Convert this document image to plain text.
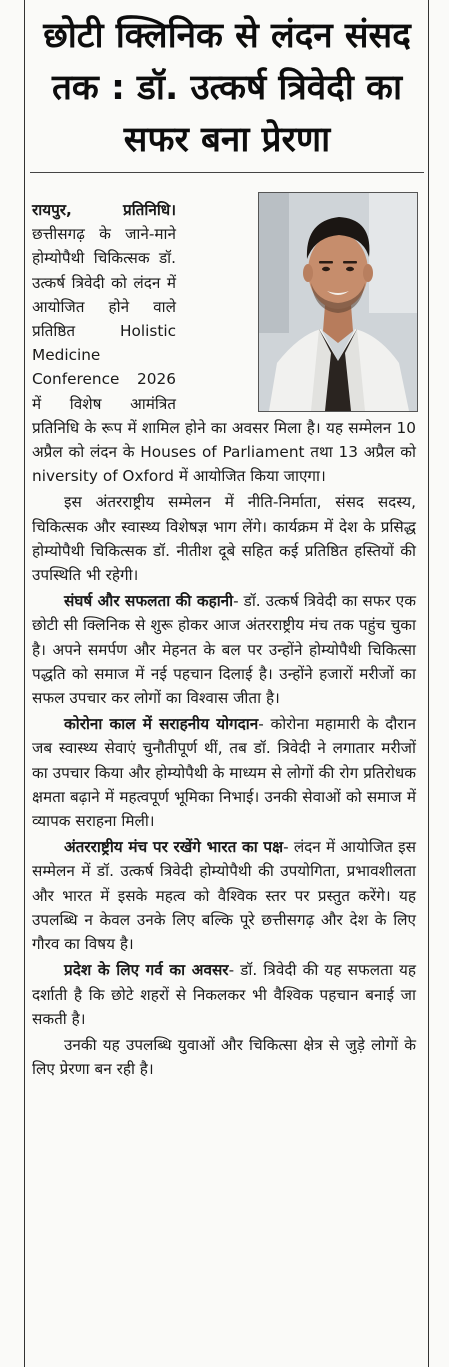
छोटी क्लिनिक से लंदन संसद तक : डॉ. उत्कर्ष त्रिवेदी का सफर बना प्रेरणा

रायपुर, प्रतिनिधि। छत्तीसगढ़ के जाने-माने होम्योपैथी चिकित्सक डॉ. उत्कर्ष त्रिवेदी को लंदन में आयोजित होने वाले प्रतिष्ठित Holistic Medicine Conference 2026 में विशेष आमंत्रित प्रतिनिधि के रूप में शामिल होने का अवसर मिला है। यह सम्मेलन 10 अप्रैल को लंदन के Houses of Parliament तथा 13 अप्रैल को niversity of Oxford में आयोजित किया जाएगा।

इस अंतरराष्ट्रीय सम्मेलन में नीति-निर्माता, संसद सदस्य, चिकित्सक और स्वास्थ्य विशेषज्ञ भाग लेंगे। कार्यक्रम में देश के प्रसिद्ध होम्योपैथी चिकित्सक डॉ. नीतीश दूबे सहित कई प्रतिष्ठित हस्तियों की उपस्थिति भी रहेगी।

संघर्ष और सफलता की कहानी- डॉ. उत्कर्ष त्रिवेदी का सफर एक छोटी सी क्लिनिक से शुरू होकर आज अंतरराष्ट्रीय मंच तक पहुंच चुका है। अपने समर्पण और मेहनत के बल पर उन्होंने होम्योपैथी चिकित्सा पद्धति को समाज में नई पहचान दिलाई है। उन्होंने हजारों मरीजों का सफल उपचार कर लोगों का विश्वास जीता है।

कोरोना काल में सराहनीय योगदान- कोरोना महामारी के दौरान जब स्वास्थ्य सेवाएं चुनौतीपूर्ण थीं, तब डॉ. त्रिवेदी ने लगातार मरीजों का उपचार किया और होम्योपैथी के माध्यम से लोगों की रोग प्रतिरोधक क्षमता बढ़ाने में महत्वपूर्ण भूमिका निभाई। उनकी सेवाओं को समाज में व्यापक सराहना मिली।

अंतरराष्ट्रीय मंच पर रखेंगे भारत का पक्ष- लंदन में आयोजित इस सम्मेलन में डॉ. उत्कर्ष त्रिवेदी होम्योपैथी की उपयोगिता, प्रभावशीलता और भारत में इसके महत्व को वैश्विक स्तर पर प्रस्तुत करेंगे। यह उपलब्धि न केवल उनके लिए बल्कि पूरे छत्तीसगढ़ और देश के लिए गौरव का विषय है।

प्रदेश के लिए गर्व का अवसर- डॉ. त्रिवेदी की यह सफलता यह दर्शाती है कि छोटे शहरों से निकलकर भी वैश्विक पहचान बनाई जा सकती है।

उनकी यह उपलब्धि युवाओं और चिकित्सा क्षेत्र से जुड़े लोगों के लिए प्रेरणा बन रही है।
